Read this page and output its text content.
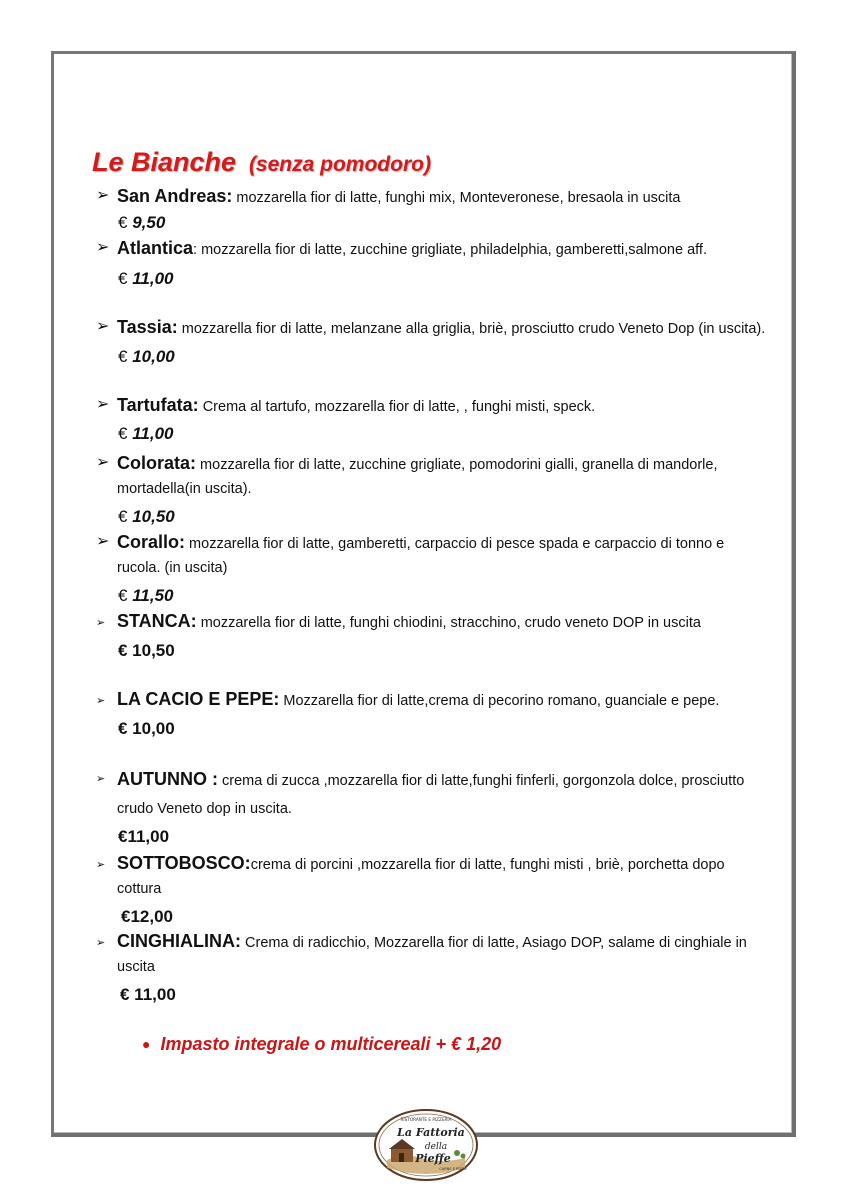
Le Bianche (senza pomodoro)
➢ San Andreas: mozzarella fior di latte, funghi mix, Monteveronese, bresaola in uscita
€ 9,50
➢ Atlantica: mozzarella fior di latte, zucchine grigliate, philadelphia, gamberetti,salmone aff.
€ 11,00
➢ Tassia: mozzarella fior di latte, melanzane alla griglia, briè, prosciutto crudo Veneto Dop (in uscita).
€ 10,00
➢ Tartufata: Crema al tartufo, mozzarella fior di latte, , funghi misti, speck.
€ 11,00
➢ Colorata: mozzarella fior di latte, zucchine grigliate, pomodorini gialli, granella di mandorle, mortadella(in uscita).
€ 10,50
➢ Corallo: mozzarella fior di latte, gamberetti, carpaccio di pesce spada e carpaccio di tonno e rucola. (in uscita)
€ 11,50
➢ STANCA: mozzarella fior di latte, funghi chiodini, stracchino, crudo veneto DOP in uscita
€ 10,50
➢ LA CACIO E PEPE: Mozzarella fior di latte,crema di pecorino romano, guanciale e pepe.
€ 10,00
➢ AUTUNNO : crema di zucca ,mozzarella fior di latte,funghi finferli, gorgonzola dolce, prosciutto crudo Veneto dop in uscita.
€11,00
➢ SOTTOBOSCO:crema di porcini ,mozzarella fior di latte, funghi misti , briè, porchetta dopo cottura
€12,00
➢ CINGHIALINA: Crema di radicchio, Mozzarella fior di latte, Asiago DOP, salame di cinghiale in uscita
€ 11,00
● Impasto integrale o multicereali + € 1,20
RISTORANTE E PIZZERIA
La Fattoria
della
Pieffe
CARNE E PIZZA
